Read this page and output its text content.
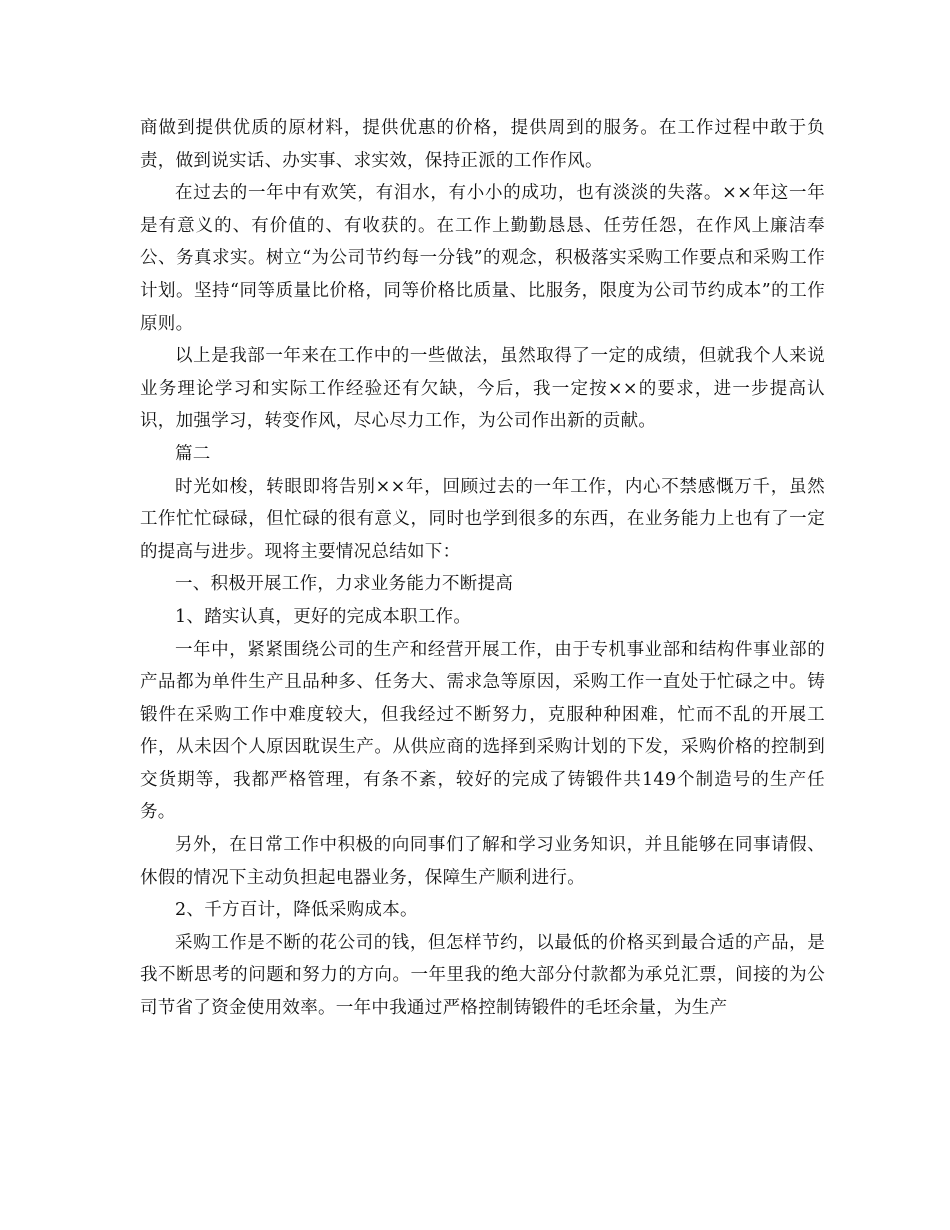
商做到提供优质的原材料，提供优惠的价格，提供周到的服务。在工作过程中敢于负责，做到说实话、办实事、求实效，保持正派的工作作风。

在过去的一年中有欢笑，有泪水，有小小的成功，也有淡淡的失落。××年这一年是有意义的、有价值的、有收获的。在工作上勤勤恳恳、任劳任怨，在作风上廉洁奉公、务真求实。树立“为公司节约每一分钱”的观念，积极落实采购工作要点和采购工作计划。坚持“同等质量比价格，同等价格比质量、比服务，限度为公司节约成本”的工作原则。

以上是我部一年来在工作中的一些做法，虽然取得了一定的成绩，但就我个人来说业务理论学习和实际工作经验还有欠缺，今后，我一定按××的要求，进一步提高认识，加强学习，转变作风，尽心尽力工作，为公司作出新的贡献。

篇二

时光如梭，转眼即将告别××年，回顾过去的一年工作，内心不禁感慨万千，虽然工作忙忙碌碌，但忙碌的很有意义，同时也学到很多的东西，在业务能力上也有了一定的提高与进步。现将主要情况总结如下：

一、积极开展工作，力求业务能力不断提高

1、踏实认真，更好的完成本职工作。

一年中，紧紧围绕公司的生产和经营开展工作，由于专机事业部和结构件事业部的产品都为单件生产且品种多、任务大、需求急等原因，采购工作一直处于忙碌之中。铸锻件在采购工作中难度较大，但我经过不断努力，克服种种困难，忙而不乱的开展工作，从未因个人原因耽误生产。从供应商的选择到采购计划的下发，采购价格的控制到交货期等，我都严格管理，有条不紊，较好的完成了铸锻件共149个制造号的生产任务。

另外，在日常工作中积极的向同事们了解和学习业务知识，并且能够在同事请假、休假的情况下主动负担起电器业务，保障生产顺利进行。

2、千方百计，降低采购成本。

采购工作是不断的花公司的钱，但怎样节约，以最低的价格买到最合适的产品，是我不断思考的问题和努力的方向。一年里我的绝大部分付款都为承兑汇票，间接的为公司节省了资金使用效率。一年中我通过严格控制铸锻件的毛坯余量，为生产
